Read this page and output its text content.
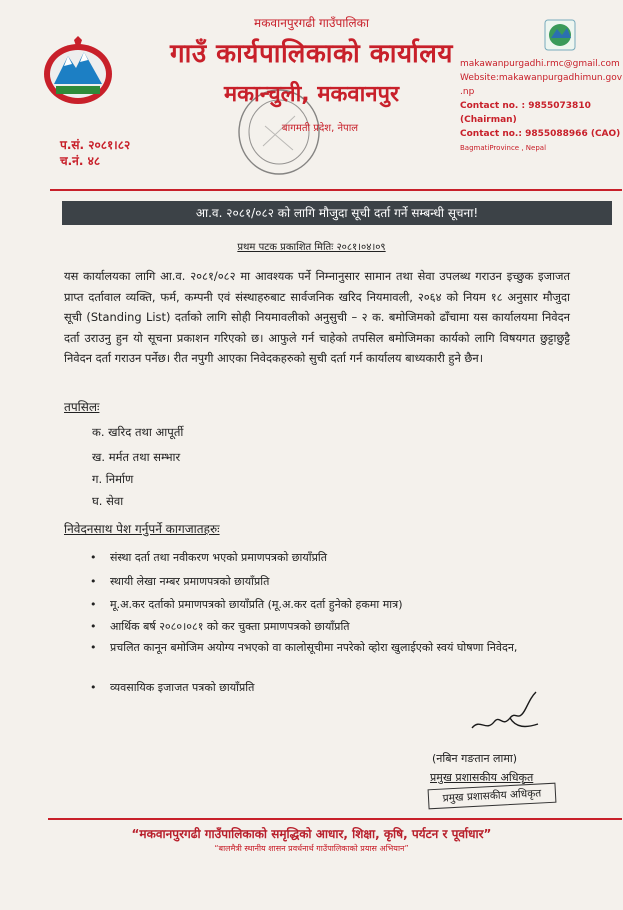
मकवानपुरगढी गाउँपालिका
गाउँ कार्यपालिकाको कार्यालय
मकान्चुली, मकवानपुर
बागमती प्रदेश, नेपाल
प.सं. २०८१।८२
च.नं. ४८
makawanpurgadhi.rmc@gmail.com
Website:makawanpurgadhimun.gov
.np
Contact no. : 9855073810
(Chairman)
Contact no.: 9855088966 (CAO)
BagmatiProvince , Nepal
आ.व. २०८१/०८२ को लागि मौजुदा सूची दर्ता गर्ने सम्बन्धी सूचना!
प्रथम पटक प्रकाशित मितिः २०८१।०४।०९
यस कार्यालयका लागि आ.व. २०८१/०८२ मा आवश्यक पर्ने निम्नानुसार सामान तथा सेवा उपलब्ध गराउन इच्छुक इजाजत प्राप्त दर्तावाल व्यक्ति, फर्म, कम्पनी एवं संस्थाहरुबाट सार्वजनिक खरिद नियमावली, २०६४ को नियम १८ अनुसार मौजुदा सूची (Standing List) दर्ताको लागि सोही नियमावलीको अनुसुची – २ क. बमोजिमको ढाँचामा यस कार्यालयमा निवेदन दर्ता उराउनु हुन यो सूचना प्रकाशन गरिएको छ। आफुले गर्न चाहेको तपसिल बमोजिमका कार्यको लागि विषयगत छुट्टाछुट्टै निवेदन दर्ता गराउन पर्नेछ। रीत नपुगी आएका निवेदकहरुको सुची दर्ता गर्न कार्यालय बाध्यकारी हुने छैन।
तपसिलः
क. खरिद तथा आपूर्ती
ख. मर्मत तथा सम्भार
ग. निर्माण
घ. सेवा
निवेदनसाथ पेश गर्नुपर्ने कागजातहरुः
• संस्था दर्ता तथा नवीकरण भएको प्रमाणपत्रको छायाँप्रति
• स्थायी लेखा नम्बर प्रमाणपत्रको छायाँप्रति
• मू.अ.कर दर्ताको प्रमाणपत्रको छायाँप्रति (मू.अ.कर दर्ता हुनेको हकमा मात्र)
• आर्थिक बर्ष २०८०।०८१ को कर चुक्ता प्रमाणपत्रको छायाँप्रति
• प्रचलित कानून बमोजिम अयोग्य नभएको वा कालोसूचीमा नपरेको व्होरा खुलाईएको स्वयं घोषणा निवेदन,
• व्यवसायिक इजाजत पत्रको छायाँप्रति
(नबिन गङतान लामा)
प्रमुख प्रशासकीय अधिकृत
प्रमुख प्रशासकीय अधिकृत
“मकवानपुरगढी गाउँपालिकाको समृद्धिको आधार, शिक्षा, कृषि, पर्यटन र पूर्वाधार”
“बालमैत्री स्थानीय शासन प्रवर्धनार्थ गाउँपालिकाको प्रयास अभियान”
